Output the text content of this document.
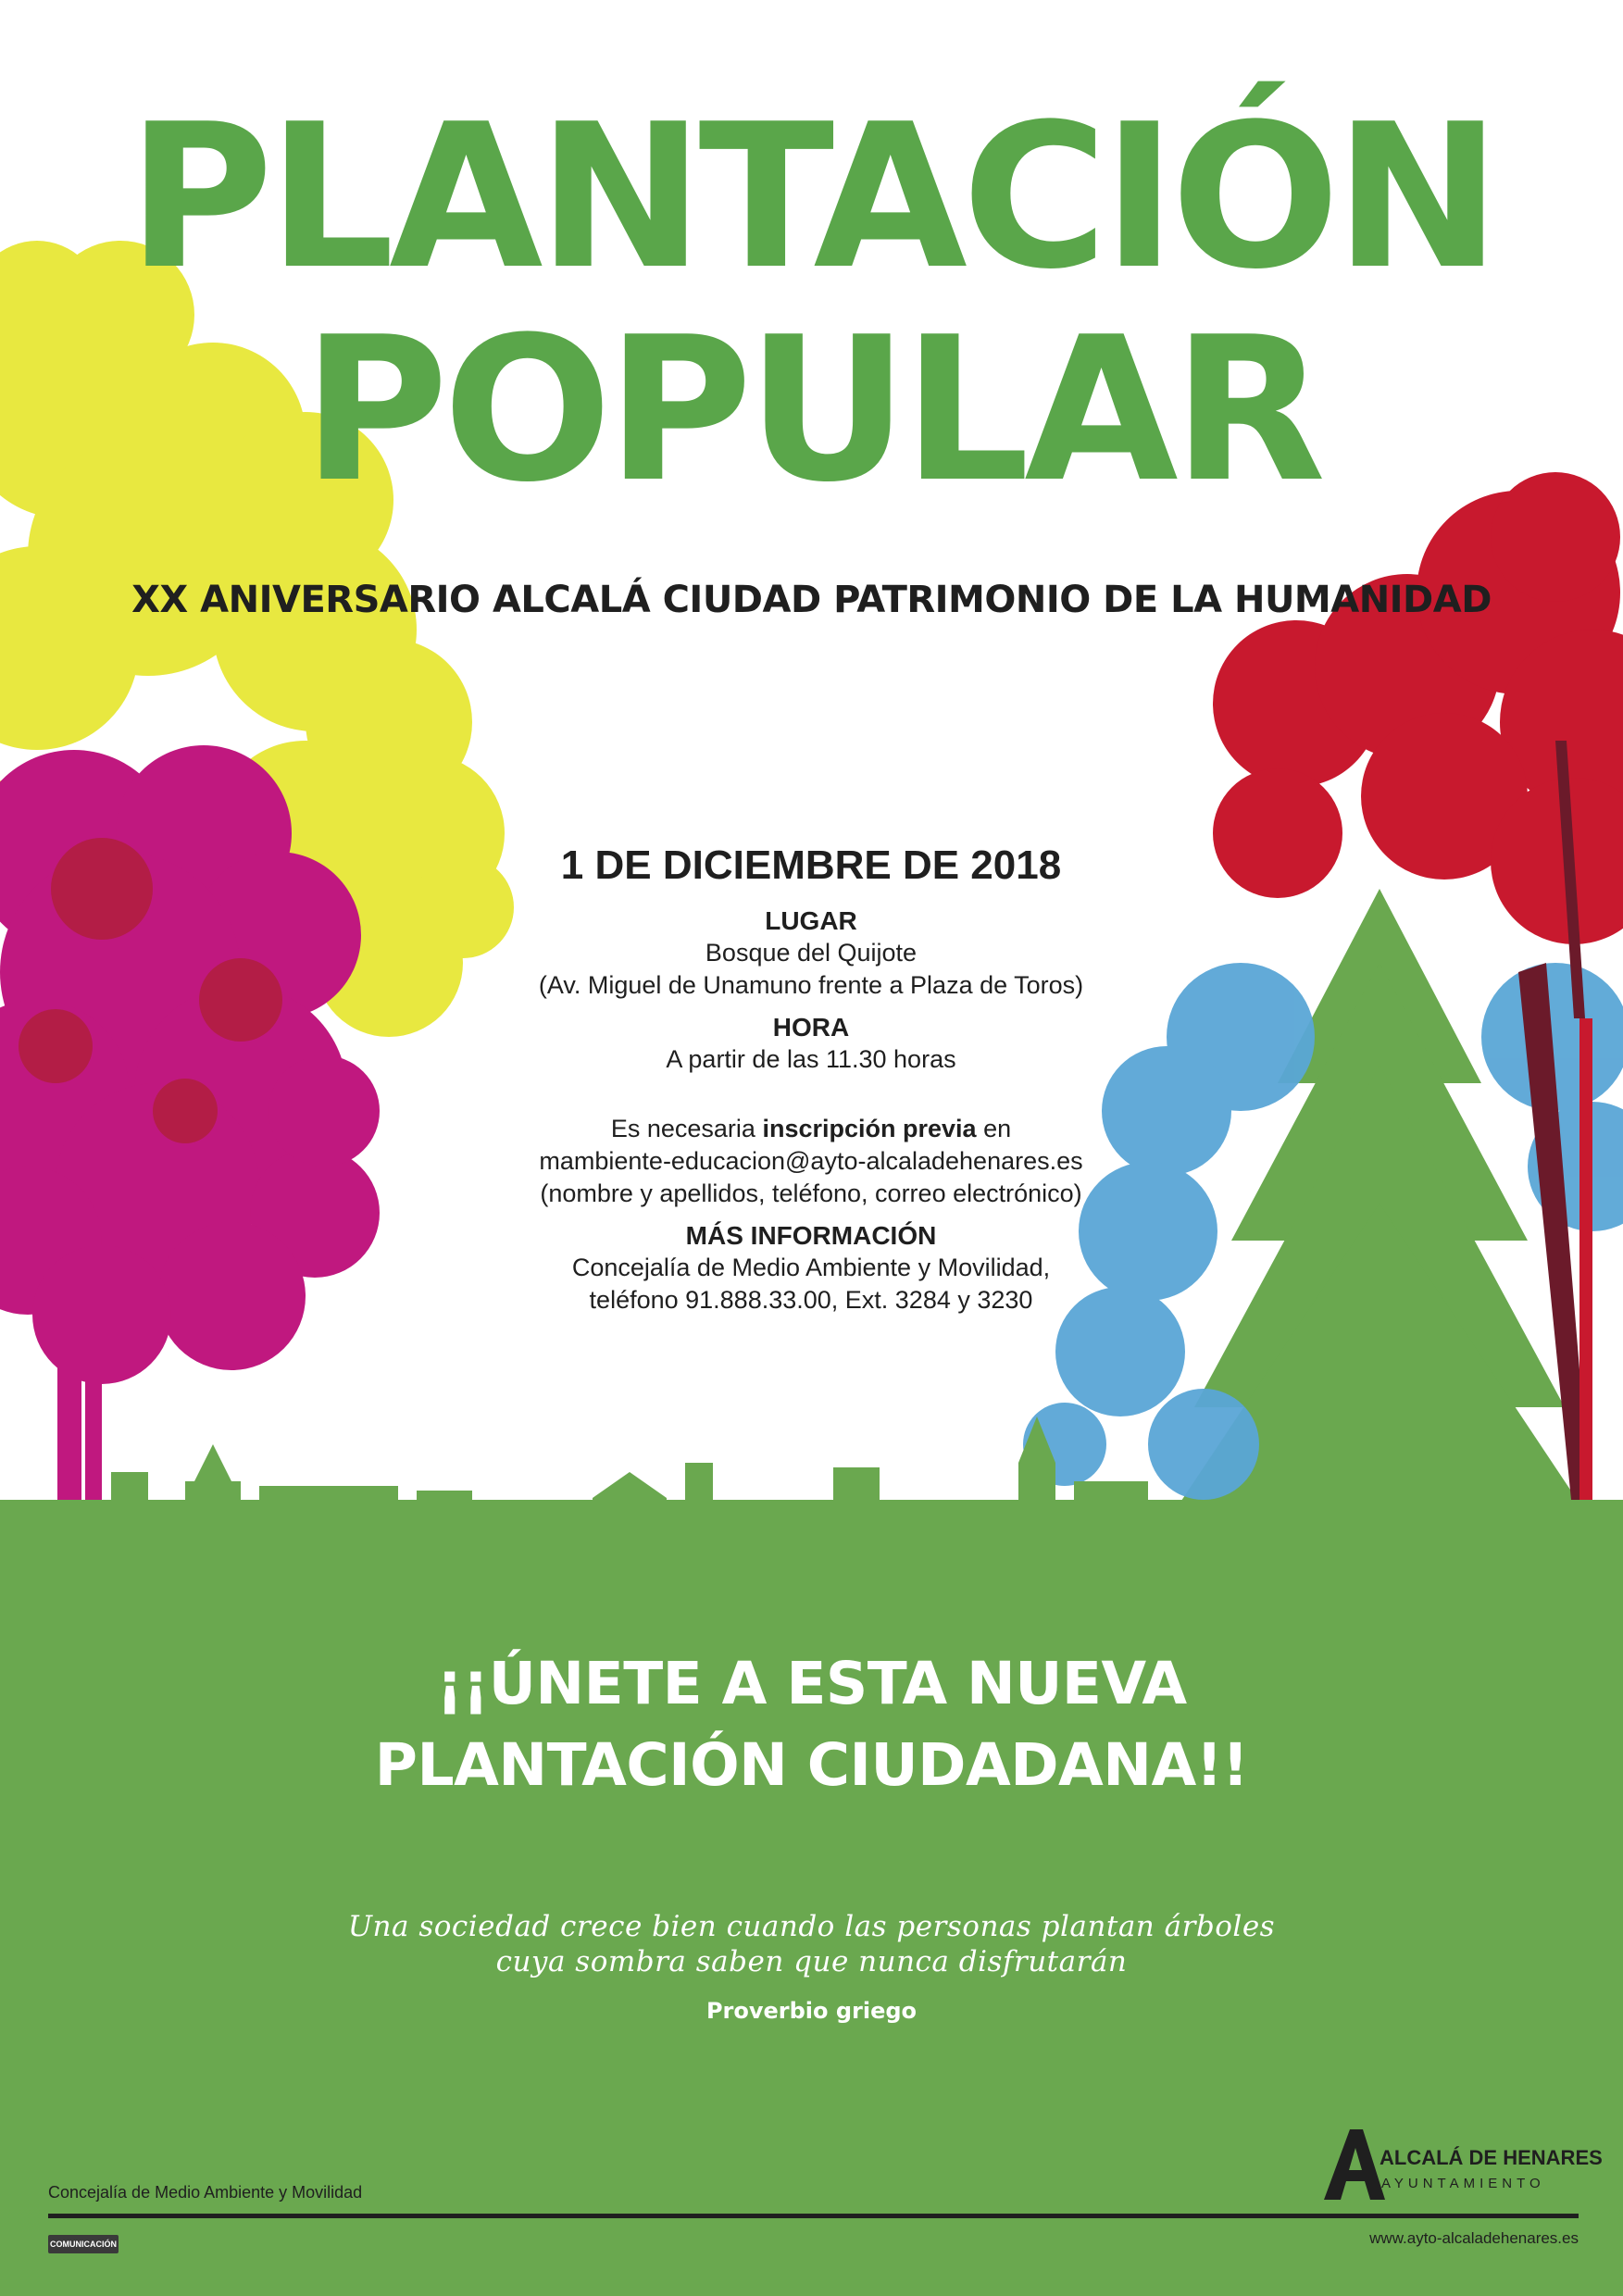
PLANTACIÓN
POPULAR
XX ANIVERSARIO ALCALÁ CIUDAD PATRIMONIO DE LA HUMANIDAD
1 DE DICIEMBRE DE 2018
LUGAR
Bosque del Quijote
(Av. Miguel de Unamuno frente a Plaza de Toros)
HORA
A partir de las 11.30 horas
Es necesaria inscripción previa en
mambiente-educacion@ayto-alcaladehenares.es
(nombre y apellidos, teléfono, correo electrónico)
MÁS INFORMACIÓN
Concejalía de Medio Ambiente y Movilidad,
teléfono 91.888.33.00, Ext. 3284 y 3230
¡¡ÚNETE A ESTA NUEVA
PLANTACIÓN CIUDADANA!!
Una sociedad crece bien cuando las personas plantan árboles
cuya sombra saben que nunca disfrutarán
Proverbio griego
Concejalía de Medio Ambiente y Movilidad
COMUNICACIÓN
ALCALÁ DE HENARES
AYUNTAMIENTO
www.ayto-alcaladehenares.es
